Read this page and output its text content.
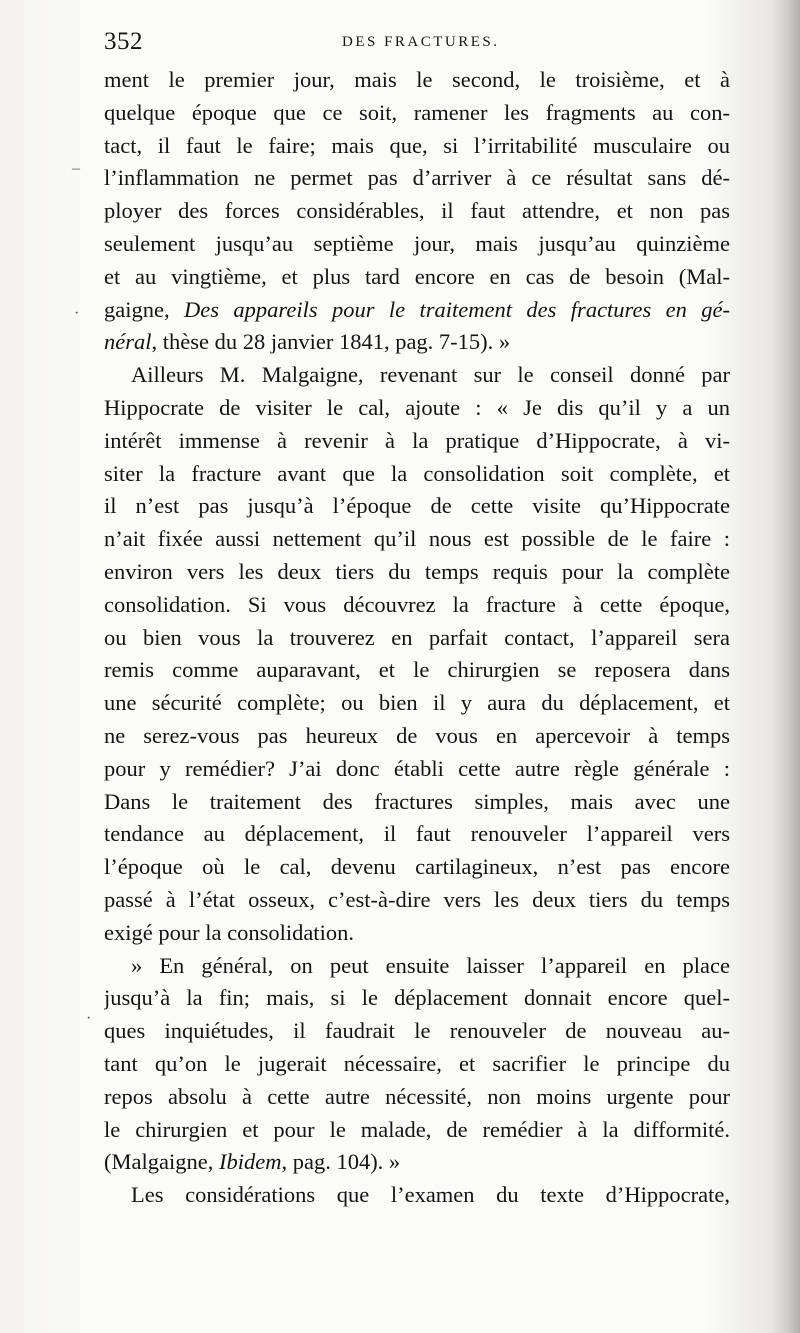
352	DES FRACTURES.
–
·
·
ment le premier jour, mais le second, le troisième, et à
quelque époque que ce soit, ramener les fragments au con-
tact, il faut le faire; mais que, si l’irritabilité musculaire ou
l’inflammation ne permet pas d’arriver à ce résultat sans dé-
ployer des forces considérables, il faut attendre, et non pas
seulement jusqu’au septième jour, mais jusqu’au quinzième
et au vingtième, et plus tard encore en cas de besoin (Mal-
gaigne, Des appareils pour le traitement des fractures en gé-
néral, thèse du 28 janvier 1841, pag. 7-15). »
Ailleurs M. Malgaigne, revenant sur le conseil donné par
Hippocrate de visiter le cal, ajoute : « Je dis qu’il y a un
intérêt immense à revenir à la pratique d’Hippocrate, à vi-
siter la fracture avant que la consolidation soit complète, et
il n’est pas jusqu’à l’époque de cette visite qu’Hippocrate
n’ait fixée aussi nettement qu’il nous est possible de le faire :
environ vers les deux tiers du temps requis pour la complète
consolidation. Si vous découvrez la fracture à cette époque,
ou bien vous la trouverez en parfait contact, l’appareil sera
remis comme auparavant, et le chirurgien se reposera dans
une sécurité complète; ou bien il y aura du déplacement, et
ne serez-vous pas heureux de vous en apercevoir à temps
pour y remédier? J’ai donc établi cette autre règle générale :
Dans le traitement des fractures simples, mais avec une
tendance au déplacement, il faut renouveler l’appareil vers
l’époque où le cal, devenu cartilagineux, n’est pas encore
passé à l’état osseux, c’est-à-dire vers les deux tiers du temps
exigé pour la consolidation.
» En général, on peut ensuite laisser l’appareil en place
jusqu’à la fin; mais, si le déplacement donnait encore quel-
ques inquiétudes, il faudrait le renouveler de nouveau au-
tant qu’on le jugerait nécessaire, et sacrifier le principe du
repos absolu à cette autre nécessité, non moins urgente pour
le chirurgien et pour le malade, de remédier à la difformité.
(Malgaigne, Ibidem, pag. 104). »
Les considérations que l’examen du texte d’Hippocrate,
